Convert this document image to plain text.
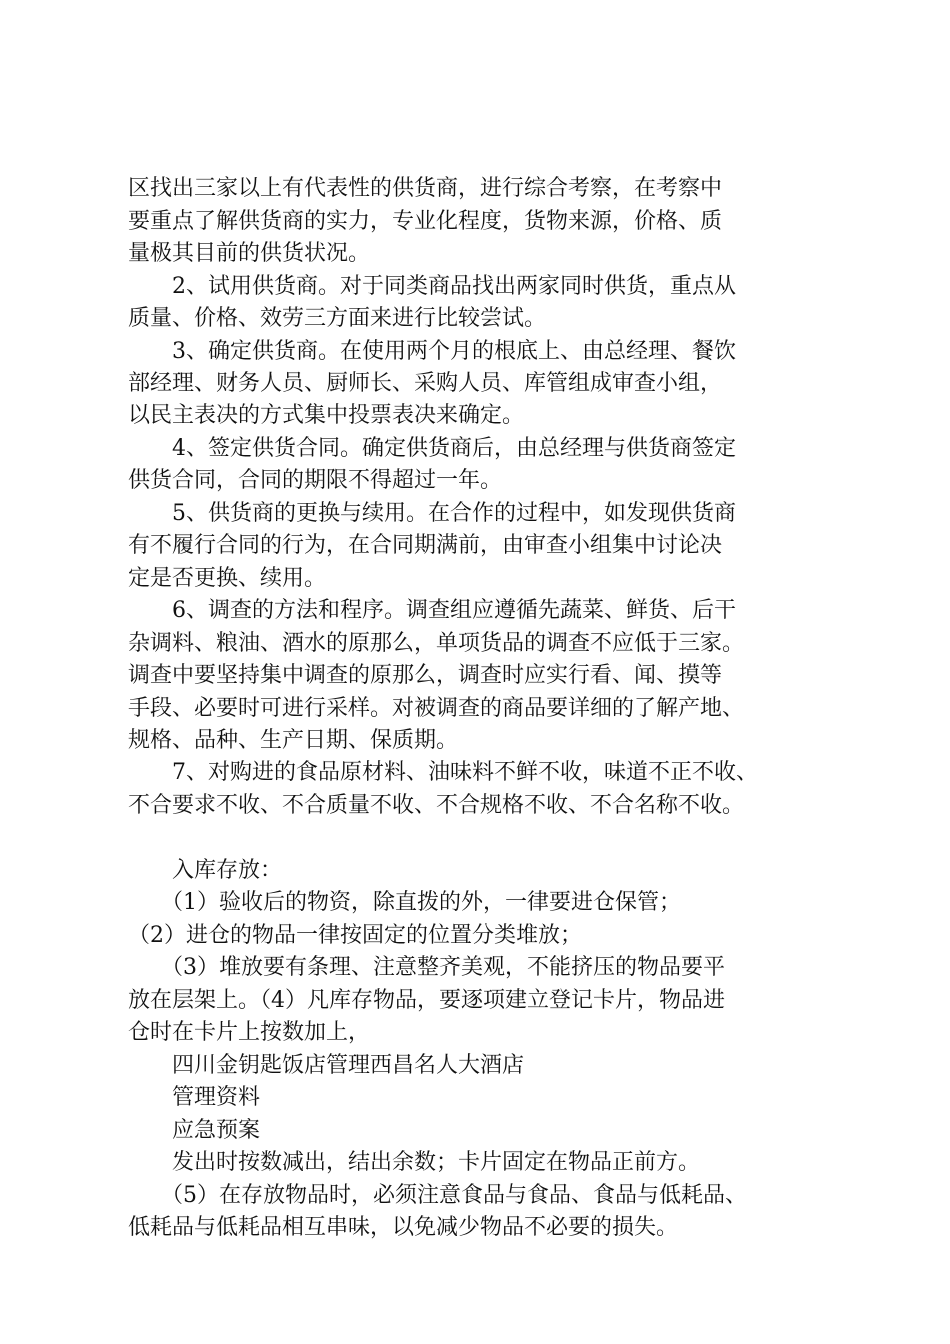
区找出三家以上有代表性的供货商，进行综合考察，在考察中
要重点了解供货商的实力，专业化程度，货物来源，价格、质
量极其目前的供货状况。
　　2、试用供货商。对于同类商品找出两家同时供货，重点从
质量、价格、效劳三方面来进行比较尝试。
　　3、确定供货商。在使用两个月的根底上、由总经理、餐饮
部经理、财务人员、厨师长、采购人员、库管组成审查小组，
以民主表决的方式集中投票表决来确定。
　　4、签定供货合同。确定供货商后，由总经理与供货商签定
供货合同，合同的期限不得超过一年。
　　5、供货商的更换与续用。在合作的过程中，如发现供货商
有不履行合同的行为，在合同期满前，由审查小组集中讨论决
定是否更换、续用。
　　6、调查的方法和程序。调查组应遵循先蔬菜、鲜货、后干
杂调料、粮油、酒水的原那么，单项货品的调查不应低于三家。
调查中要坚持集中调查的原那么，调查时应实行看、闻、摸等
手段、必要时可进行采样。对被调查的商品要详细的了解产地、
规格、品种、生产日期、保质期。
　　7、对购进的食品原材料、油味料不鲜不收，味道不正不收、
不合要求不收、不合质量不收、不合规格不收、不合名称不收。
　　入库存放：
　　（1）验收后的物资，除直拨的外，一律要进仓保管；
（2）进仓的物品一律按固定的位置分类堆放；
　　（3）堆放要有条理、注意整齐美观，不能挤压的物品要平
放在层架上。（4）凡库存物品，要逐项建立登记卡片，物品进
仓时在卡片上按数加上，
　　四川金钥匙饭店管理西昌名人大酒店
　　管理资料
　　应急预案
　　发出时按数减出，结出余数；卡片固定在物品正前方。
　　（5）在存放物品时，必须注意食品与食品、食品与低耗品、
低耗品与低耗品相互串味，以免减少物品不必要的损失。
